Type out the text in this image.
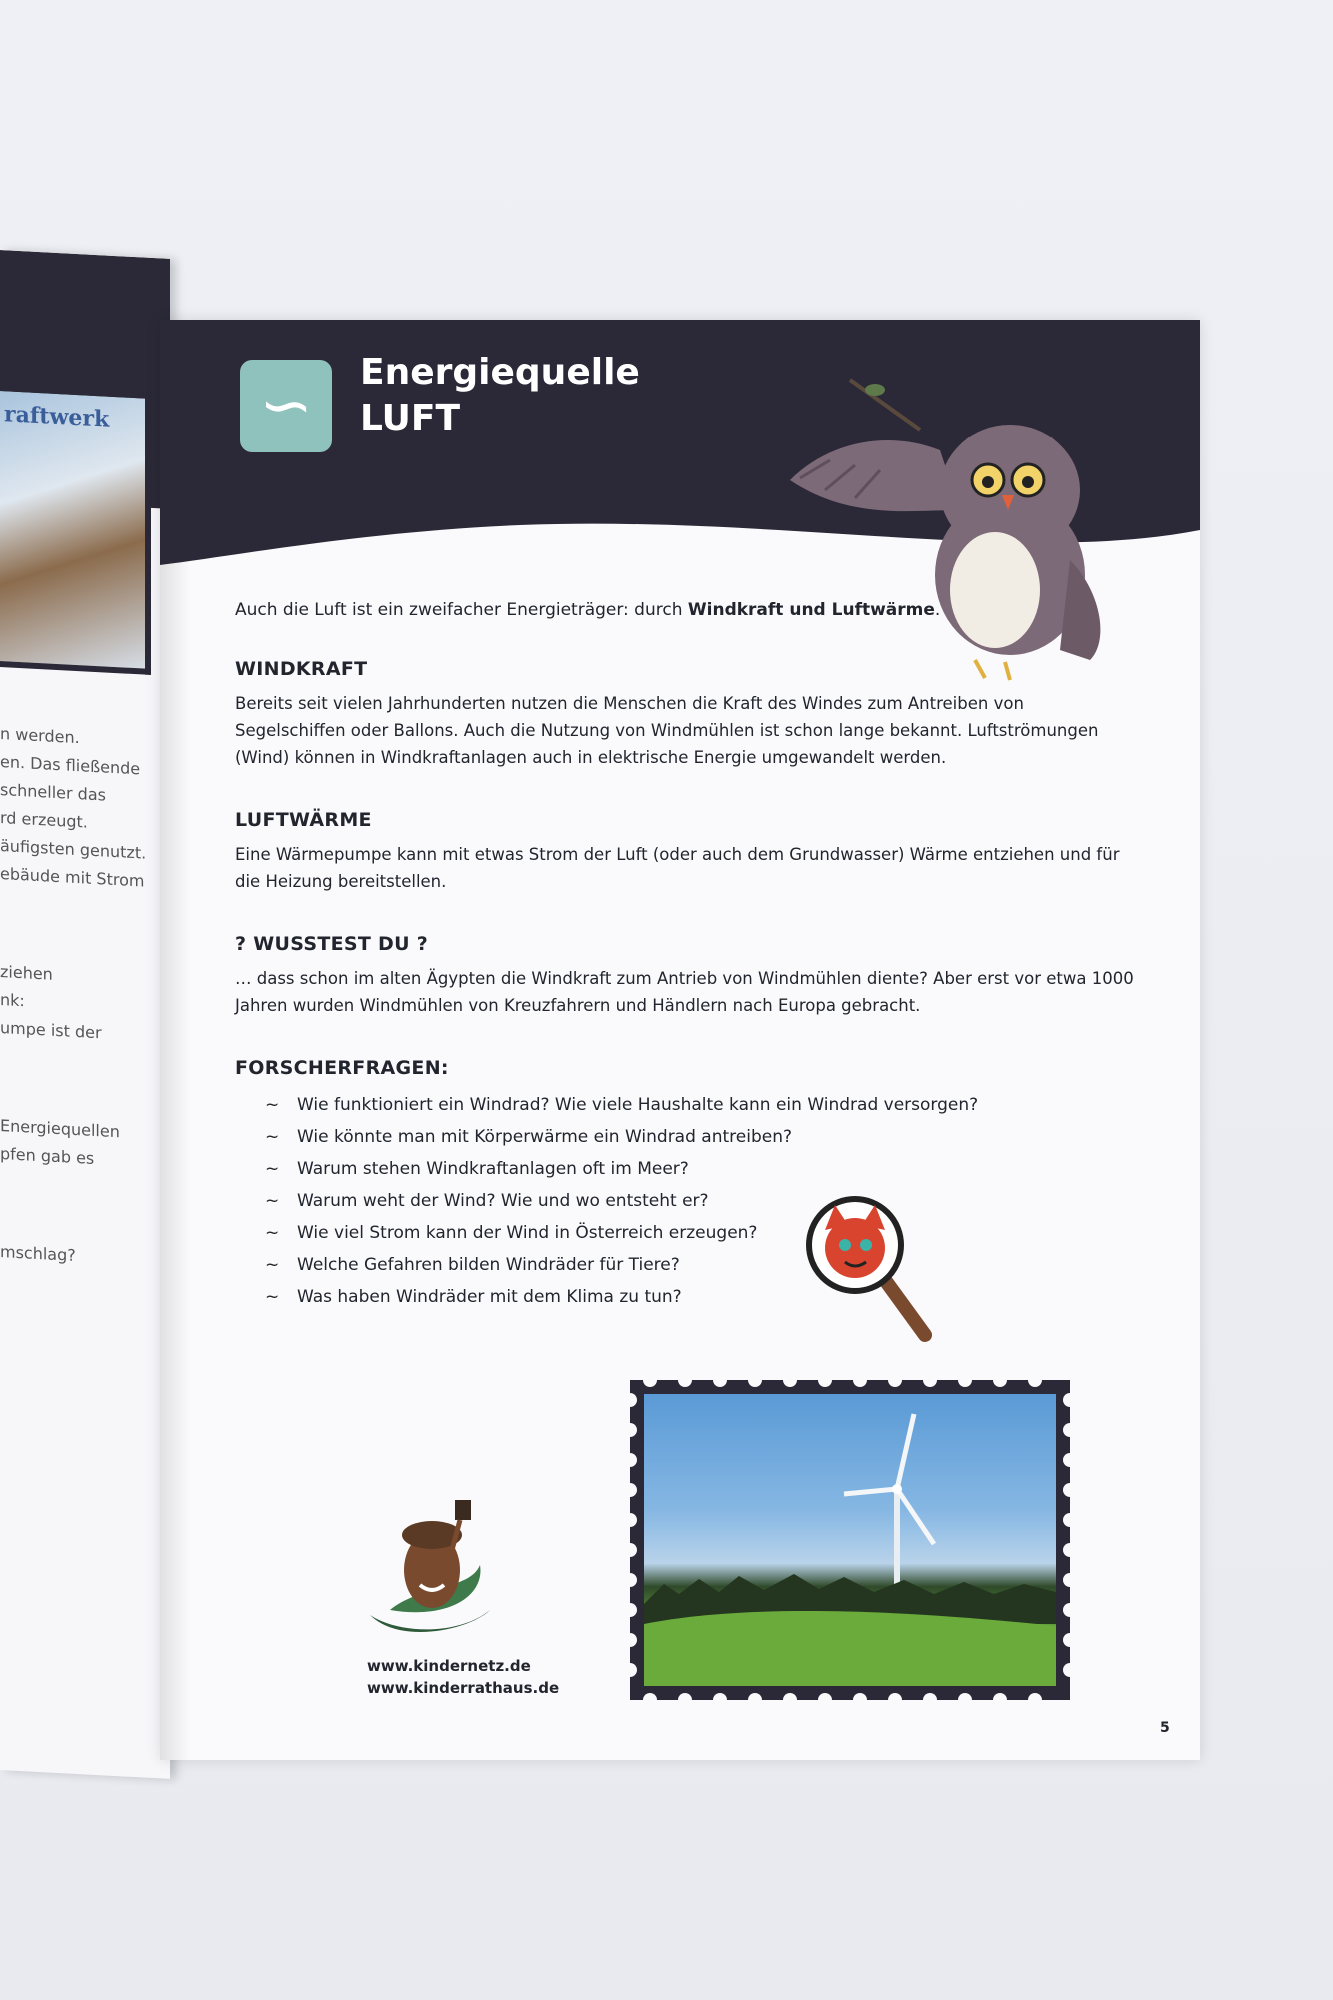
raftwerk
n werden.
en. Das fließende
schneller das
rd erzeugt.
äufigsten genutzt.
ebäude mit Strom
ziehen
nk:
umpe ist der
Energiequellen
pfen gab es
mschlag?
∽	Energiequelle
LUFT
Auch die Luft ist ein zweifacher Energieträger: durch Windkraft und Luftwärme.
WINDKRAFT
Bereits seit vielen Jahrhunderten nutzen die Menschen die Kraft des Windes zum Antreiben von Segelschiffen oder Ballons. Auch die Nutzung von Windmühlen ist schon lange bekannt. Luftströmungen (Wind) können in Windkraftanlagen auch in elektrische Energie umgewandelt werden.
LUFTWÄRME
Eine Wärmepumpe kann mit etwas Strom der Luft (oder auch dem Grundwasser) Wärme entziehen und für die Heizung bereitstellen.
? WUSSTEST DU ?
… dass schon im alten Ägypten die Windkraft zum Antrieb von Windmühlen diente? Aber erst vor etwa 1000 Jahren wurden Windmühlen von Kreuzfahrern und Händlern nach Europa gebracht.
FORSCHERFRAGEN:
~	Wie funktioniert ein Windrad? Wie viele Haushalte kann ein Windrad versorgen?
~	Wie könnte man mit Körperwärme ein Windrad antreiben?
~	Warum stehen Windkraftanlagen oft im Meer?
~	Warum weht der Wind? Wie und wo entsteht er?
~	Wie viel Strom kann der Wind in Österreich erzeugen?
~	Welche Gefahren bilden Windräder für Tiere?
~	Was haben Windräder mit dem Klima zu tun?
www.kindernetz.de
www.kinderrathaus.de
5
